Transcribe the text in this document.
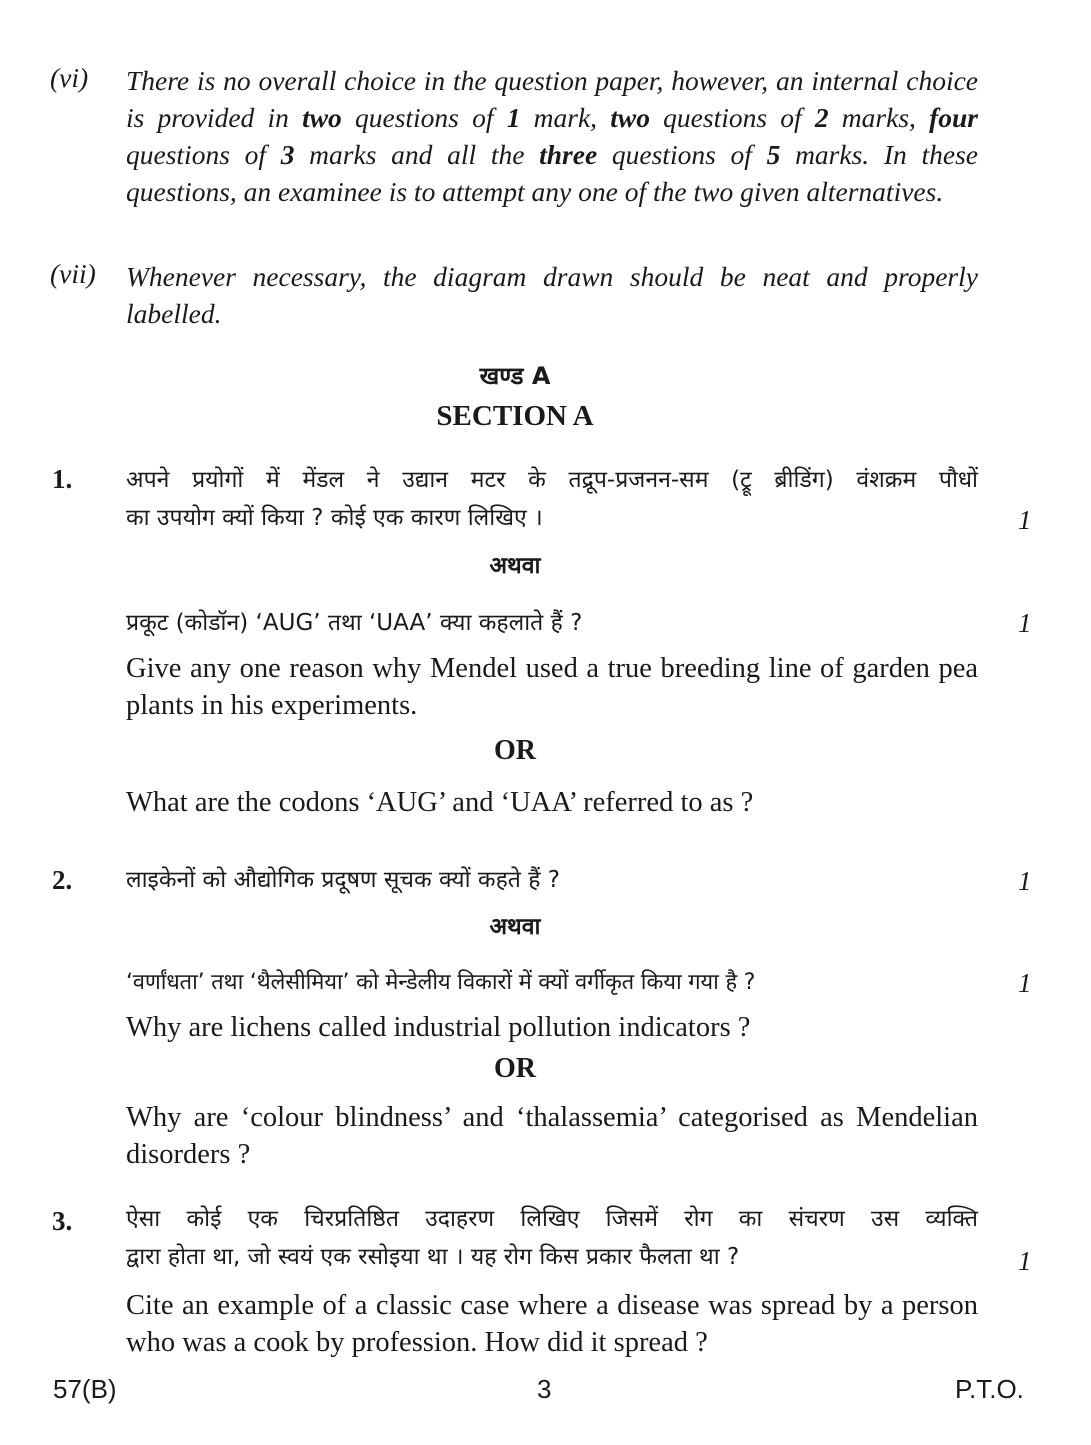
(vi)	There is no overall choice in the question paper, however, an internal choice is provided in two questions of 1 mark, two questions of 2 marks, four questions of 3 marks and all the three questions of 5 marks. In these questions, an examinee is to attempt any one of the two given alternatives.
(vii)	Whenever necessary, the diagram drawn should be neat and properly labelled.
खण्ड A
SECTION A
1. अपने प्रयोगों में मेंडल ने उद्यान मटर के तद्रूप-प्रजनन-सम (ट्रू ब्रीडिंग) वंशक्रम पौधों
का उपयोग क्यों किया ? कोई एक कारण लिखिए ।	1
अथवा
प्रकूट (कोडॉन) ‘AUG’ तथा ‘UAA’ क्या कहलाते हैं ?	1
Give any one reason why Mendel used a true breeding line of garden pea plants in his experiments.
OR
What are the codons ‘AUG’ and ‘UAA’ referred to as ?
2. लाइकेनों को औद्योगिक प्रदूषण सूचक क्यों कहते हैं ?	1
अथवा
‘वर्णांधता’ तथा ‘थैलेसीमिया’ को मेन्डेलीय विकारों में क्यों वर्गीकृत किया गया है ?	1
Why are lichens called industrial pollution indicators ?
OR
Why are ‘colour blindness’ and ‘thalassemia’ categorised as Mendelian disorders ?
3. ऐसा कोई एक चिरप्रतिष्ठित उदाहरण लिखिए जिसमें रोग का संचरण उस व्यक्ति
द्वारा होता था, जो स्वयं एक रसोइया था । यह रोग किस प्रकार फैलता था ?	1
Cite an example of a classic case where a disease was spread by a person who was a cook by profession. How did it spread ?
57(B)	3	P.T.O.
